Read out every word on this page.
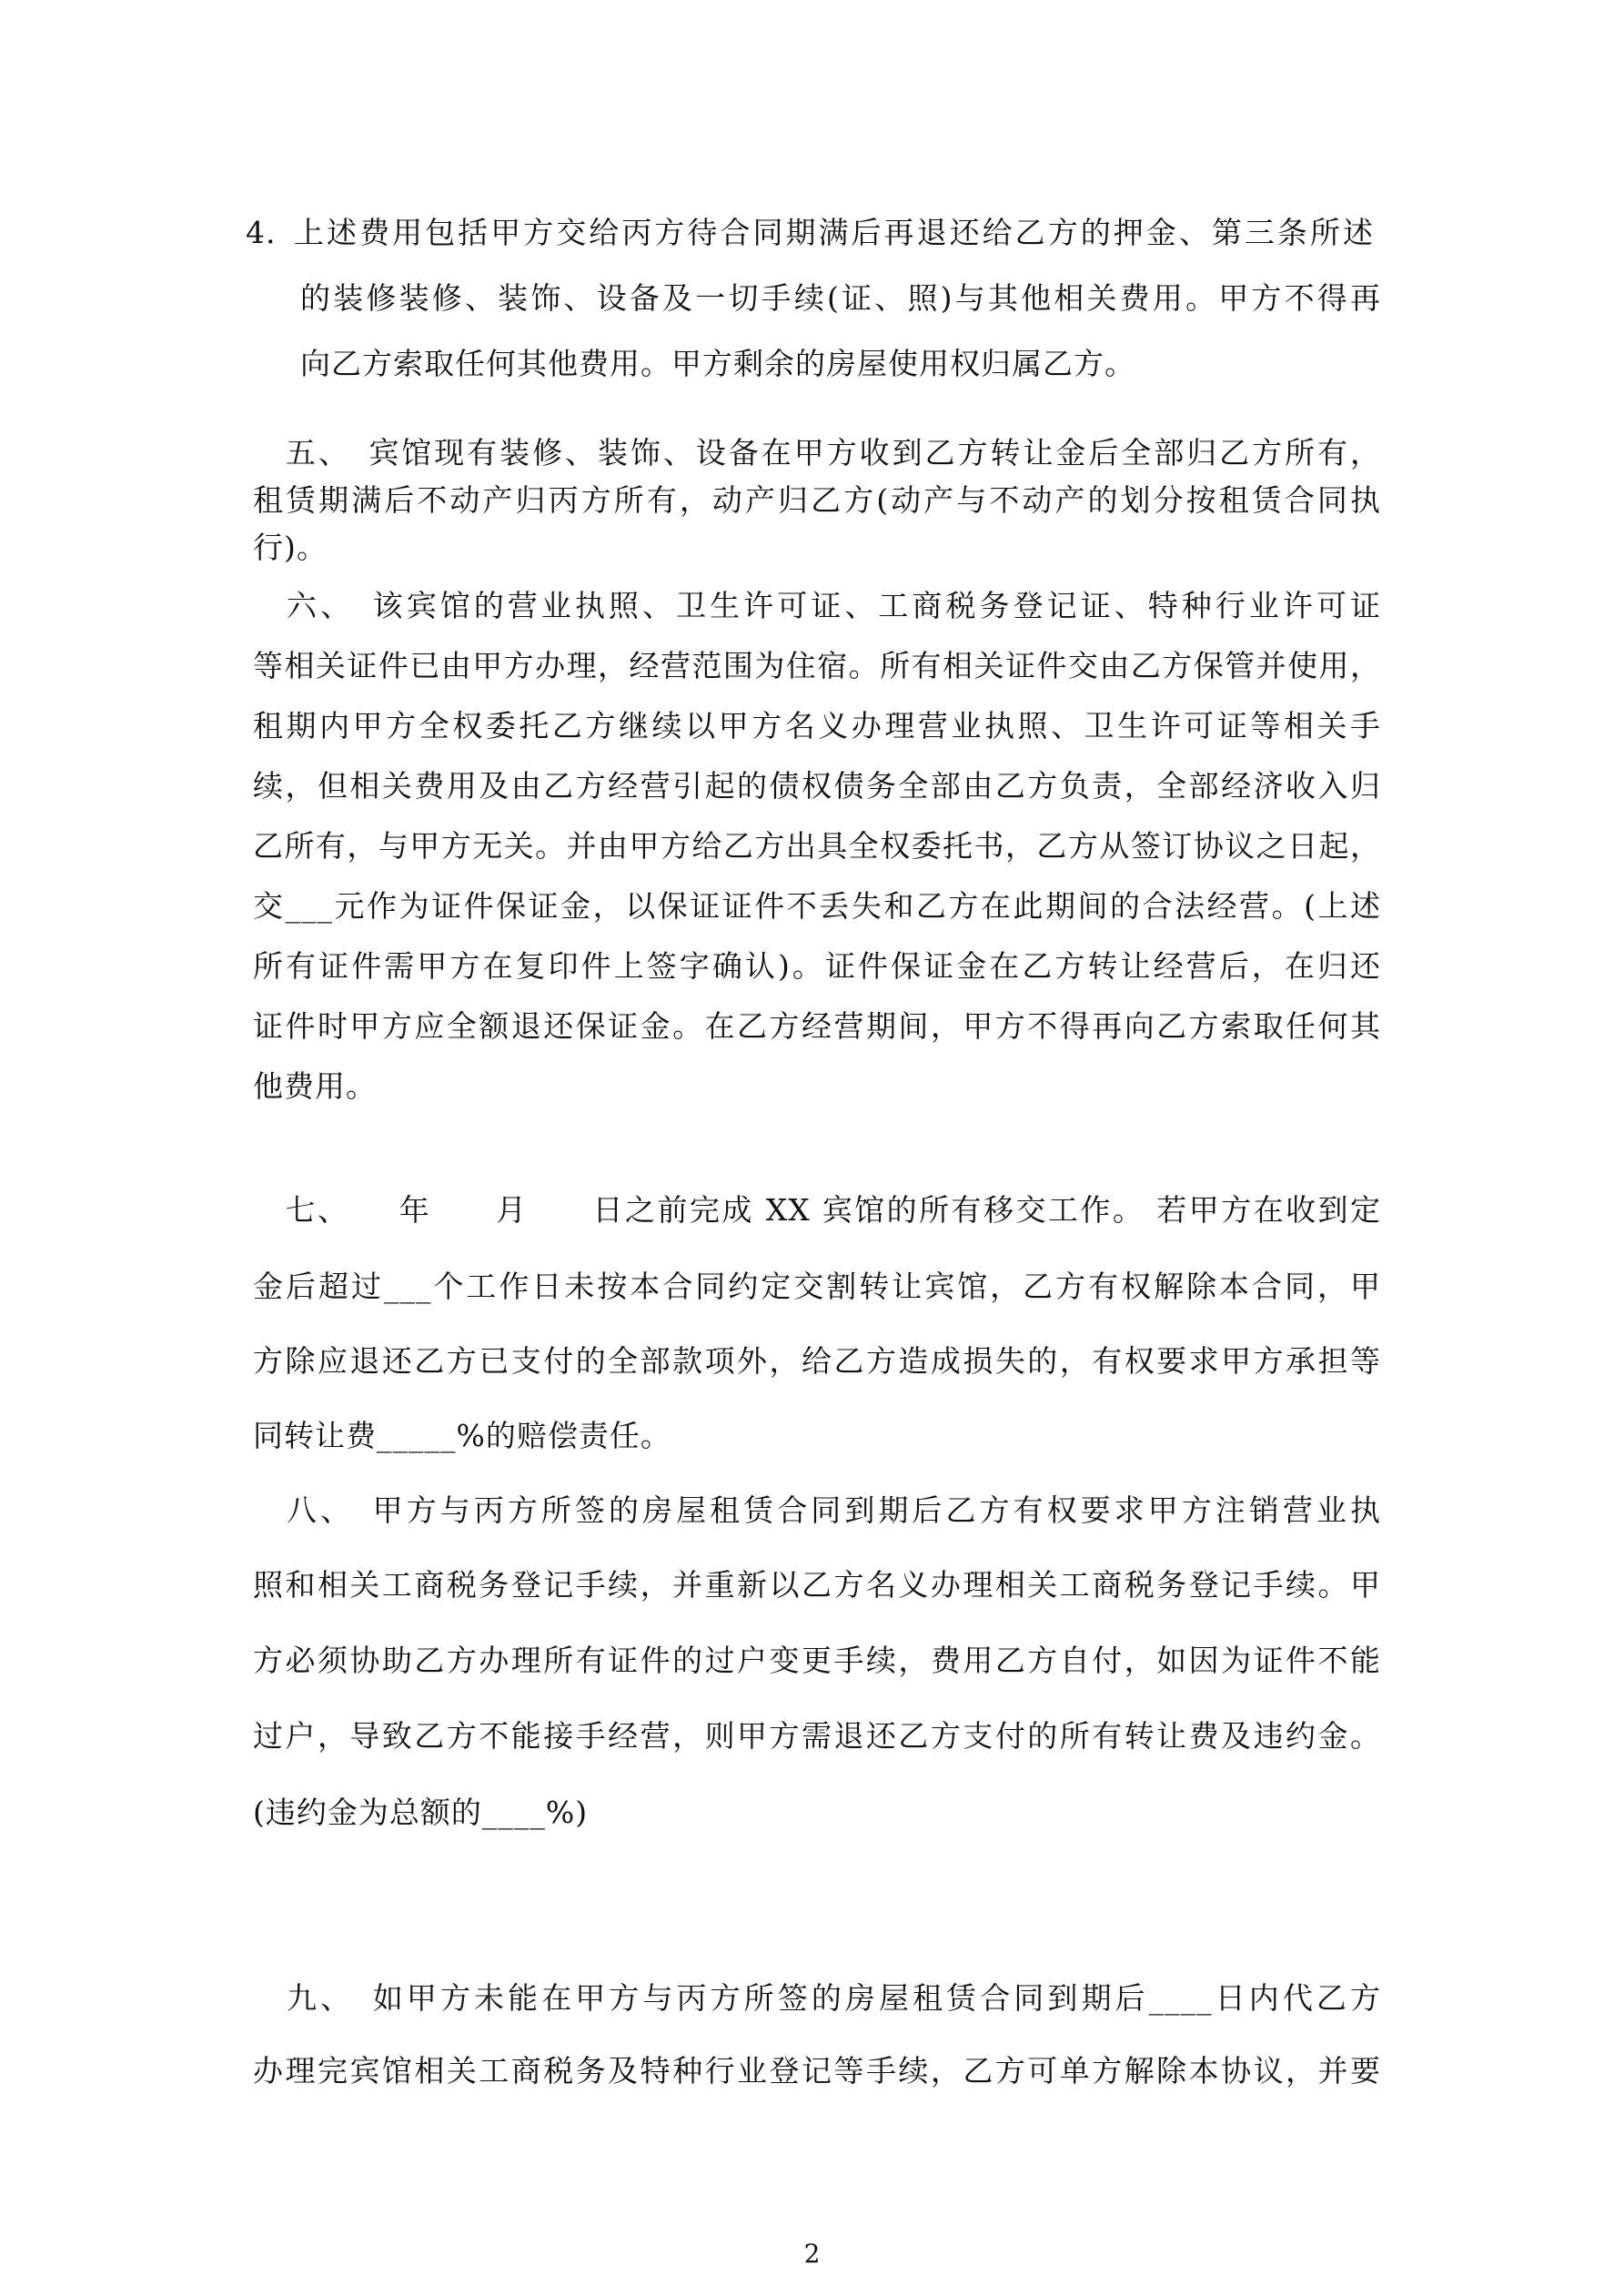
4. 上述费用包括甲方交给丙方待合同期满后再退还给乙方的押金、第三条所述
的装修装修、装饰、设备及一切手续(证、照)与其他相关费用。甲方不得再
向乙方索取任何其他费用。甲方剩余的房屋使用权归属乙方。
　五、 宾馆现有装修、装饰、设备在甲方收到乙方转让金后全部归乙方所有，
租赁期满后不动产归丙方所有，动产归乙方(动产与不动产的划分按租赁合同执
行)。
　六、 该宾馆的营业执照、卫生许可证、工商税务登记证、特种行业许可证
等相关证件已由甲方办理，经营范围为住宿。所有相关证件交由乙方保管并使用，
租期内甲方全权委托乙方继续以甲方名义办理营业执照、卫生许可证等相关手
续，但相关费用及由乙方经营引起的债权债务全部由乙方负责，全部经济收入归
乙所有，与甲方无关。并由甲方给乙方出具全权委托书，乙方从签订协议之日起，
交___元作为证件保证金，以保证证件不丢失和乙方在此期间的合法经营。(上述
所有证件需甲方在复印件上签字确认)。证件保证金在乙方转让经营后，在归还
证件时甲方应全额退还保证金。在乙方经营期间，甲方不得再向乙方索取任何其
他费用。
　七、　　年　　月　　日之前完成 XX 宾馆的所有移交工作。 若甲方在收到定
金后超过___个工作日未按本合同约定交割转让宾馆，乙方有权解除本合同，甲
方除应退还乙方已支付的全部款项外，给乙方造成损失的，有权要求甲方承担等
同转让费_____%的赔偿责任。
　八、 甲方与丙方所签的房屋租赁合同到期后乙方有权要求甲方注销营业执
照和相关工商税务登记手续，并重新以乙方名义办理相关工商税务登记手续。甲
方必须协助乙方办理所有证件的过户变更手续，费用乙方自付，如因为证件不能
过户，导致乙方不能接手经营，则甲方需退还乙方支付的所有转让费及违约金。
(违约金为总额的____%)
　九、 如甲方未能在甲方与丙方所签的房屋租赁合同到期后____日内代乙方
办理完宾馆相关工商税务及特种行业登记等手续，乙方可单方解除本协议，并要
2
